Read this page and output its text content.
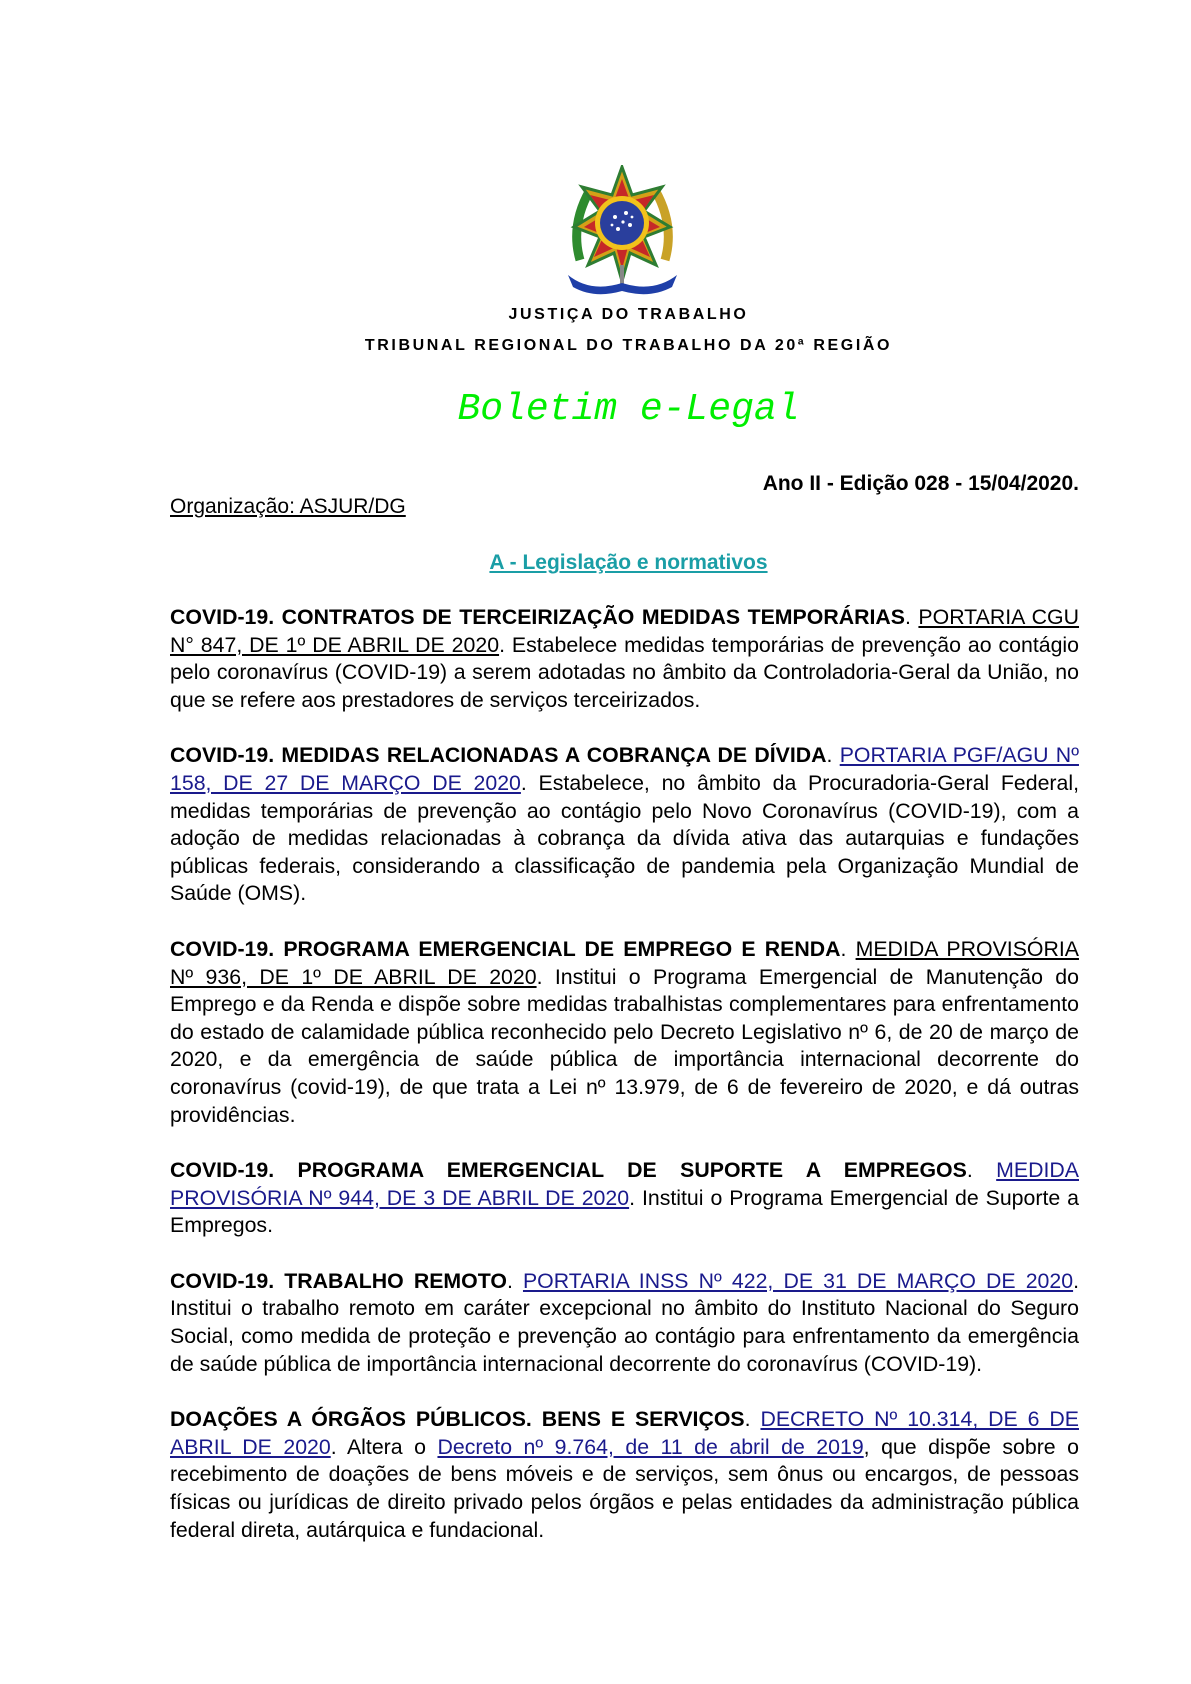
JUSTIÇA DO TRABALHO
TRIBUNAL REGIONAL DO TRABALHO DA 20ª REGIÃO
Boletim e-Legal
Ano II - Edição 028 - 15/04/2020.
Organização: ASJUR/DG
A - Legislação e normativos

COVID-19. CONTRATOS DE TERCEIRIZAÇÃO MEDIDAS TEMPORÁRIAS. PORTARIA CGU N° 847, DE 1º DE ABRIL DE 2020. Estabelece medidas temporárias de prevenção ao contágio pelo coronavírus (COVID-19) a serem adotadas no âmbito da Controladoria-Geral da União, no que se refere aos prestadores de serviços terceirizados.

COVID-19. MEDIDAS RELACIONADAS A COBRANÇA DE DÍVIDA. PORTARIA PGF/AGU Nº 158, DE 27 DE MARÇO DE 2020. Estabelece, no âmbito da Procuradoria-Geral Federal, medidas temporárias de prevenção ao contágio pelo Novo Coronavírus (COVID-19), com a adoção de medidas relacionadas à cobrança da dívida ativa das autarquias e fundações públicas federais, considerando a classificação de pandemia pela Organização Mundial de Saúde (OMS).

COVID-19. PROGRAMA EMERGENCIAL DE EMPREGO E RENDA. MEDIDA PROVISÓRIA Nº 936, DE 1º DE ABRIL DE 2020. Institui o Programa Emergencial de Manutenção do Emprego e da Renda e dispõe sobre medidas trabalhistas complementares para enfrentamento do estado de calamidade pública reconhecido pelo Decreto Legislativo nº 6, de 20 de março de 2020, e da emergência de saúde pública de importância internacional decorrente do coronavírus (covid-19), de que trata a Lei nº 13.979, de 6 de fevereiro de 2020, e dá outras providências.

COVID-19. PROGRAMA EMERGENCIAL DE SUPORTE A EMPREGOS. MEDIDA PROVISÓRIA Nº 944, DE 3 DE ABRIL DE 2020. Institui o Programa Emergencial de Suporte a Empregos.

COVID-19. TRABALHO REMOTO. PORTARIA INSS Nº 422, DE 31 DE MARÇO DE 2020. Institui o trabalho remoto em caráter excepcional no âmbito do Instituto Nacional do Seguro Social, como medida de proteção e prevenção ao contágio para enfrentamento da emergência de saúde pública de importância internacional decorrente do coronavírus (COVID-19).

DOAÇÕES A ÓRGÃOS PÚBLICOS. BENS E SERVIÇOS. DECRETO Nº 10.314, DE 6 DE ABRIL DE 2020. Altera o Decreto nº 9.764, de 11 de abril de 2019, que dispõe sobre o recebimento de doações de bens móveis e de serviços, sem ônus ou encargos, de pessoas físicas ou jurídicas de direito privado pelos órgãos e pelas entidades da administração pública federal direta, autárquica e fundacional.
